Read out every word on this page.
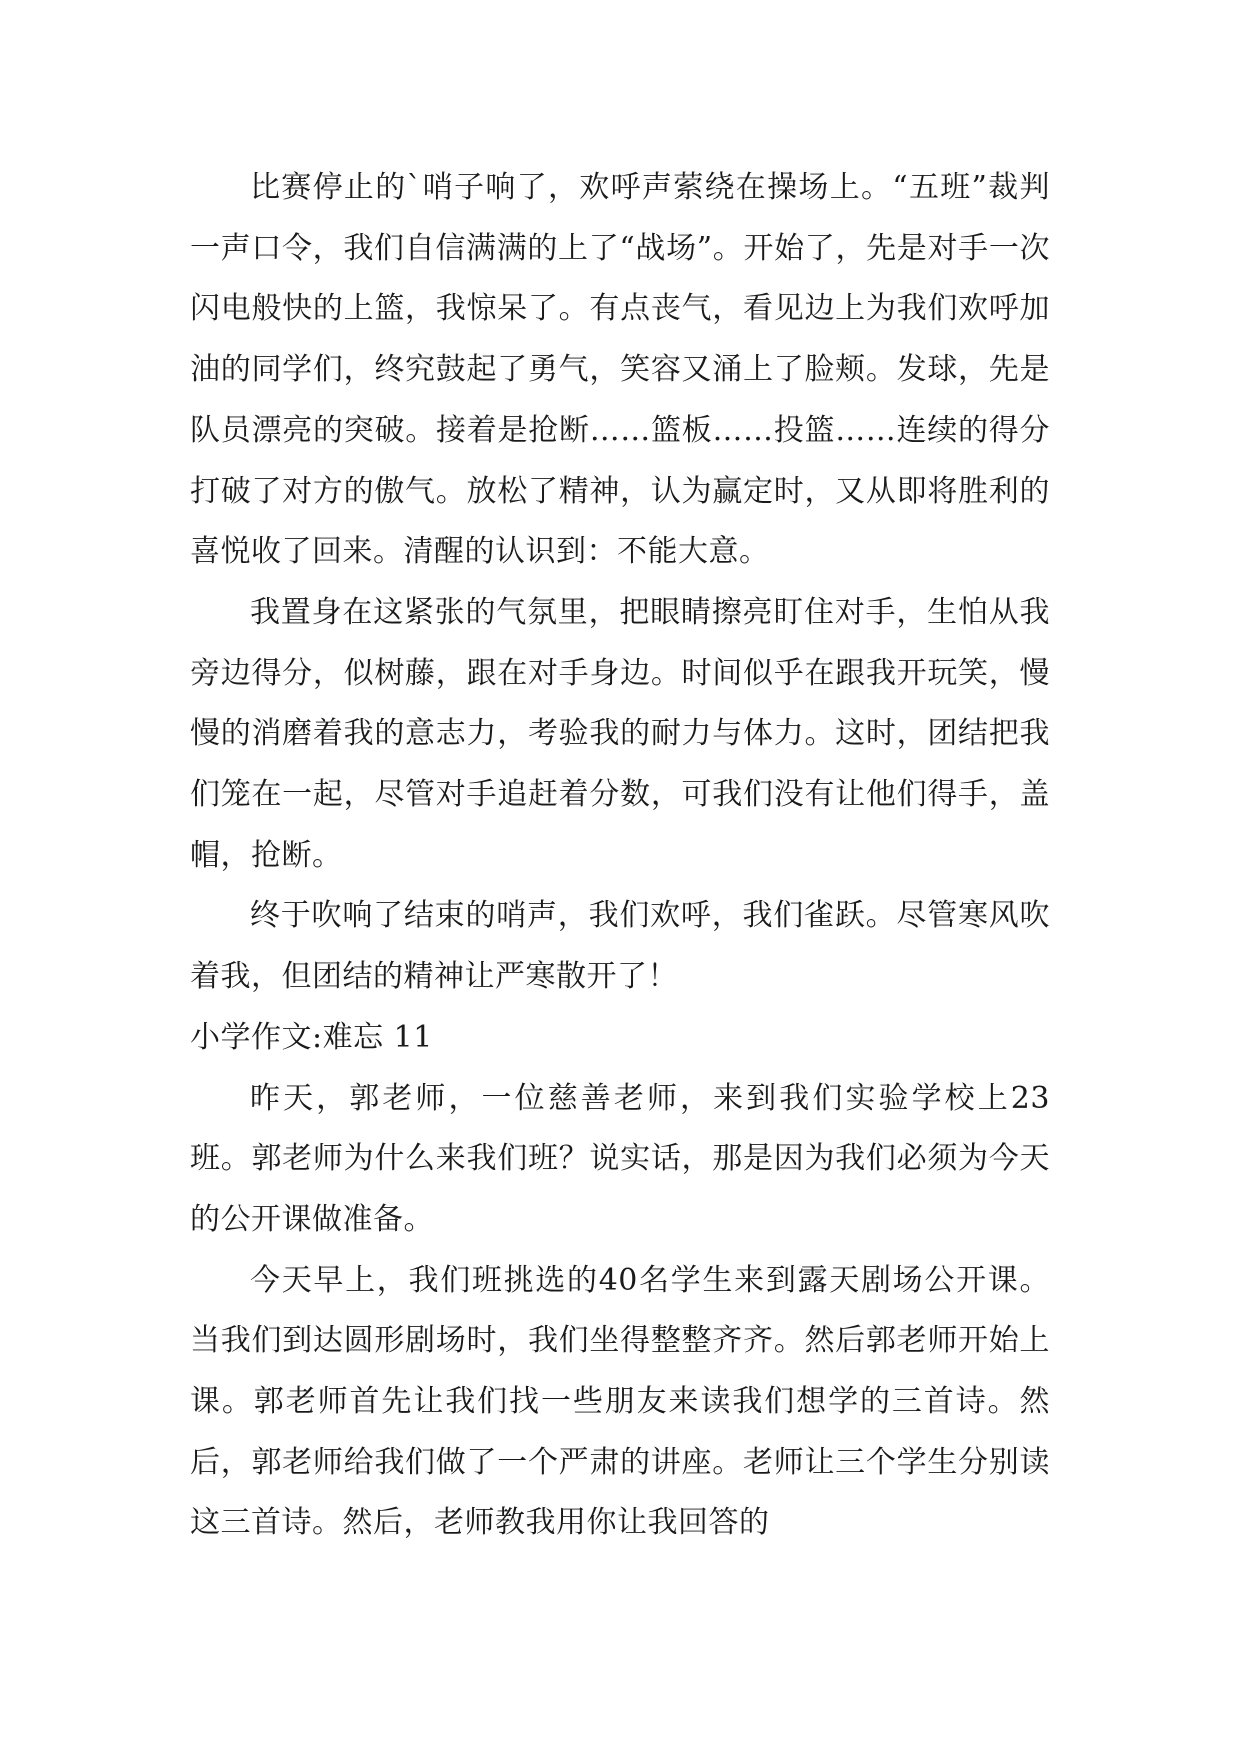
比赛停止的`哨子响了，欢呼声萦绕在操场上。“五班”裁判一声口令，我们自信满满的上了“战场”。开始了，先是对手一次闪电般快的上篮，我惊呆了。有点丧气，看见边上为我们欢呼加油的同学们，终究鼓起了勇气，笑容又涌上了脸颊。发球，先是队员漂亮的突破。接着是抢断……篮板……投篮……连续的得分打破了对方的傲气。放松了精神，认为赢定时，又从即将胜利的喜悦收了回来。清醒的认识到：不能大意。

我置身在这紧张的气氛里，把眼睛擦亮盯住对手，生怕从我旁边得分，似树藤，跟在对手身边。时间似乎在跟我开玩笑，慢慢的消磨着我的意志力，考验我的耐力与体力。这时，团结把我们笼在一起，尽管对手追赶着分数，可我们没有让他们得手，盖帽，抢断。

终于吹响了结束的哨声，我们欢呼，我们雀跃。尽管寒风吹着我，但团结的精神让严寒散开了！

小学作文:难忘 11

昨天，郭老师，一位慈善老师，来到我们实验学校上23班。郭老师为什么来我们班？说实话，那是因为我们必须为今天的公开课做准备。

今天早上，我们班挑选的40名学生来到露天剧场公开课。当我们到达圆形剧场时，我们坐得整整齐齐。然后郭老师开始上课。郭老师首先让我们找一些朋友来读我们想学的三首诗。然后，郭老师给我们做了一个严肃的讲座。老师让三个学生分别读这三首诗。然后，老师教我用你让我回答的
